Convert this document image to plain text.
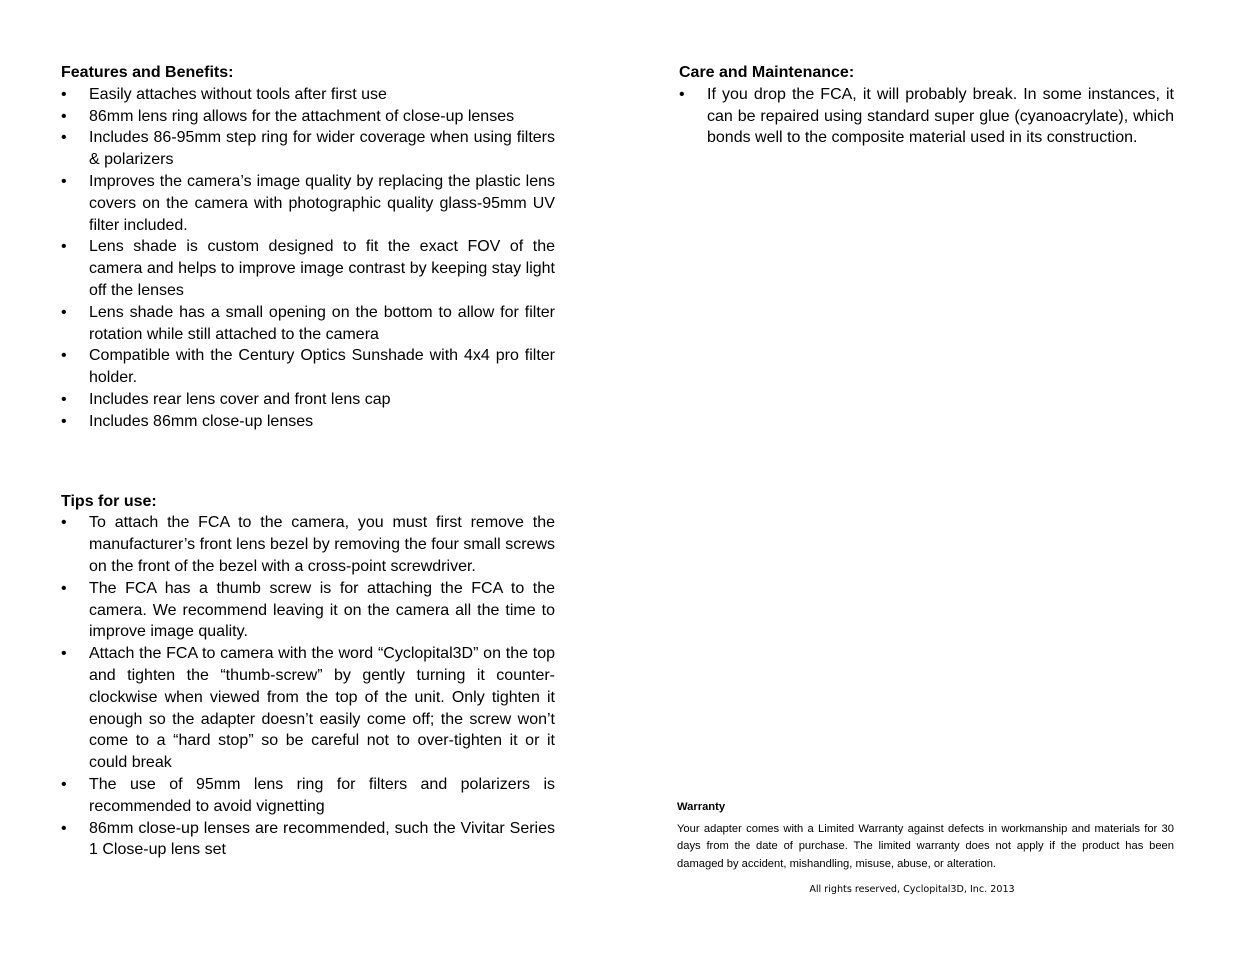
Features and Benefits:

• Easily attaches without tools after first use
• 86mm lens ring allows for the attachment of close-up lenses
• Includes 86-95mm step ring for wider coverage when using filters & polarizers
• Improves the camera’s image quality by replacing the plastic lens covers on the camera with photographic quality glass-95mm UV filter included.
• Lens shade is custom designed to fit the exact FOV of the camera and helps to improve image contrast by keeping stay light off the lenses
• Lens shade has a small opening on the bottom to allow for filter rotation while still attached to the camera
• Compatible with the Century Optics Sunshade with 4x4 pro filter holder.
• Includes rear lens cover and front lens cap
• Includes 86mm close-up lenses

Tips for use:

• To attach the FCA to the camera, you must first remove the manufacturer’s front lens bezel by removing the four small screws on the front of the bezel with a cross-point screwdriver.
• The FCA has a thumb screw is for attaching the FCA to the camera. We recommend leaving it on the camera all the time to improve image quality.
• Attach the FCA to camera with the word “Cyclopital3D” on the top and tighten the “thumb-screw” by gently turning it counter-clockwise when viewed from the top of the unit. Only tighten it enough so the adapter doesn’t easily come off; the screw won’t come to a “hard stop” so be careful not to over-tighten it or it could break
• The use of 95mm lens ring for filters and polarizers is recommended to avoid vignetting
• 86mm close-up lenses are recommended, such the Vivitar Series 1 Close-up lens set

Care and Maintenance:

• If you drop the FCA, it will probably break. In some instances, it can be repaired using standard super glue (cyanoacrylate), which bonds well to the composite material used in its construction.

Warranty

Your adapter comes with a Limited Warranty against defects in workmanship and materials for 30 days from the date of purchase. The limited warranty does not apply if the product has been damaged by accident, mishandling, misuse, abuse, or alteration.

All rights reserved, Cyclopital3D, Inc. 2013
